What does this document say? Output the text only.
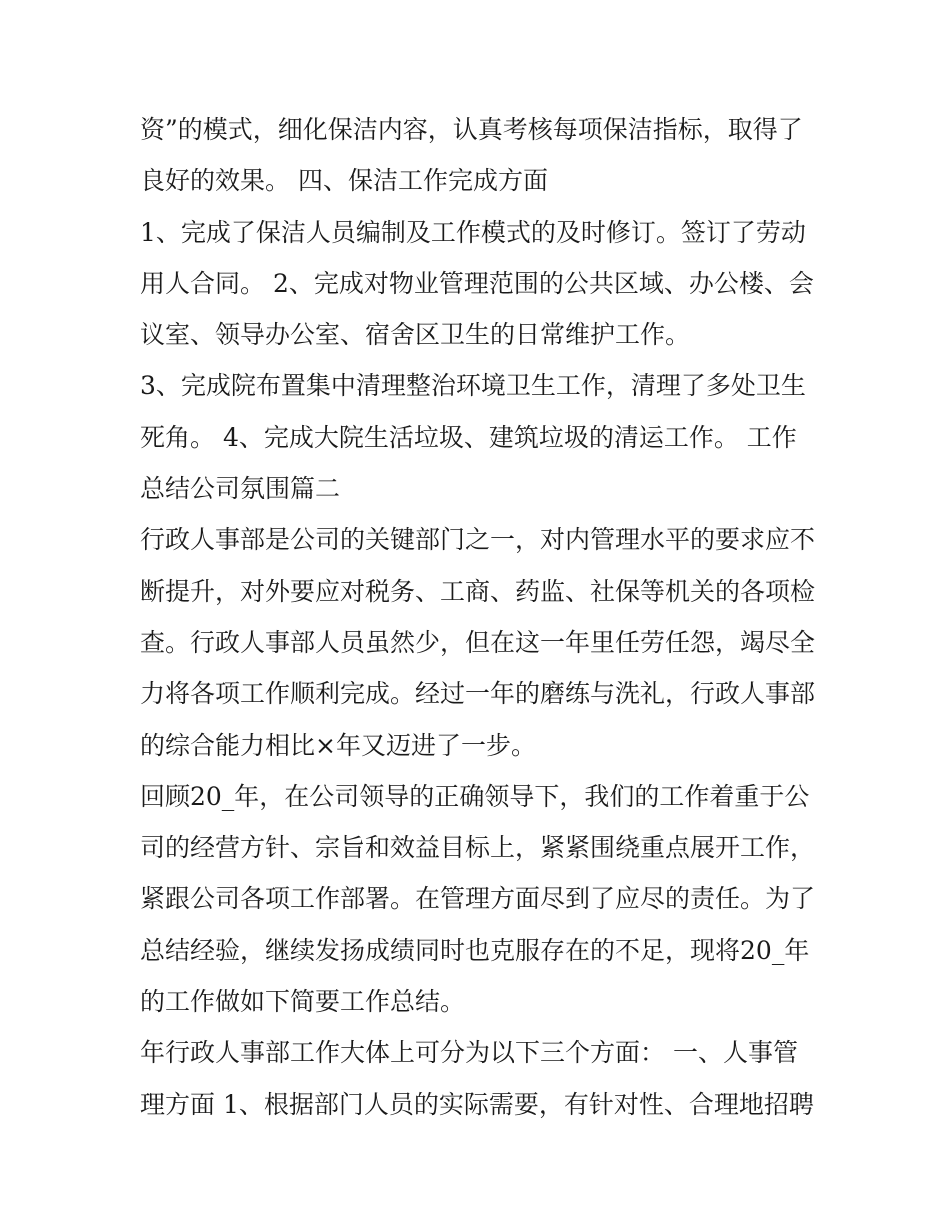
资”的模式，细化保洁内容，认真考核每项保洁指标，取得了
良好的效果。 四、保洁工作完成方面
1、完成了保洁人员编制及工作模式的及时修订。签订了劳动
用人合同。 2、完成对物业管理范围的公共区域、办公楼、会
议室、领导办公室、宿舍区卫生的日常维护工作。
3、完成院布置集中清理整治环境卫生工作，清理了多处卫生
死角。 4、完成大院生活垃圾、建筑垃圾的清运工作。 工作
总结公司氛围篇二
行政人事部是公司的关键部门之一，对内管理水平的要求应不
断提升，对外要应对税务、工商、药监、社保等机关的各项检
查。行政人事部人员虽然少，但在这一年里任劳任怨，竭尽全
力将各项工作顺利完成。经过一年的磨练与洗礼，行政人事部
的综合能力相比×年又迈进了一步。
回顾20_年，在公司领导的正确领导下，我们的工作着重于公
司的经营方针、宗旨和效益目标上，紧紧围绕重点展开工作，
紧跟公司各项工作部署。在管理方面尽到了应尽的责任。为了
总结经验，继续发扬成绩同时也克服存在的不足，现将20_年
的工作做如下简要工作总结。
年行政人事部工作大体上可分为以下三个方面： 一、人事管
理方面 1、根据部门人员的实际需要，有针对性、合理地招聘
